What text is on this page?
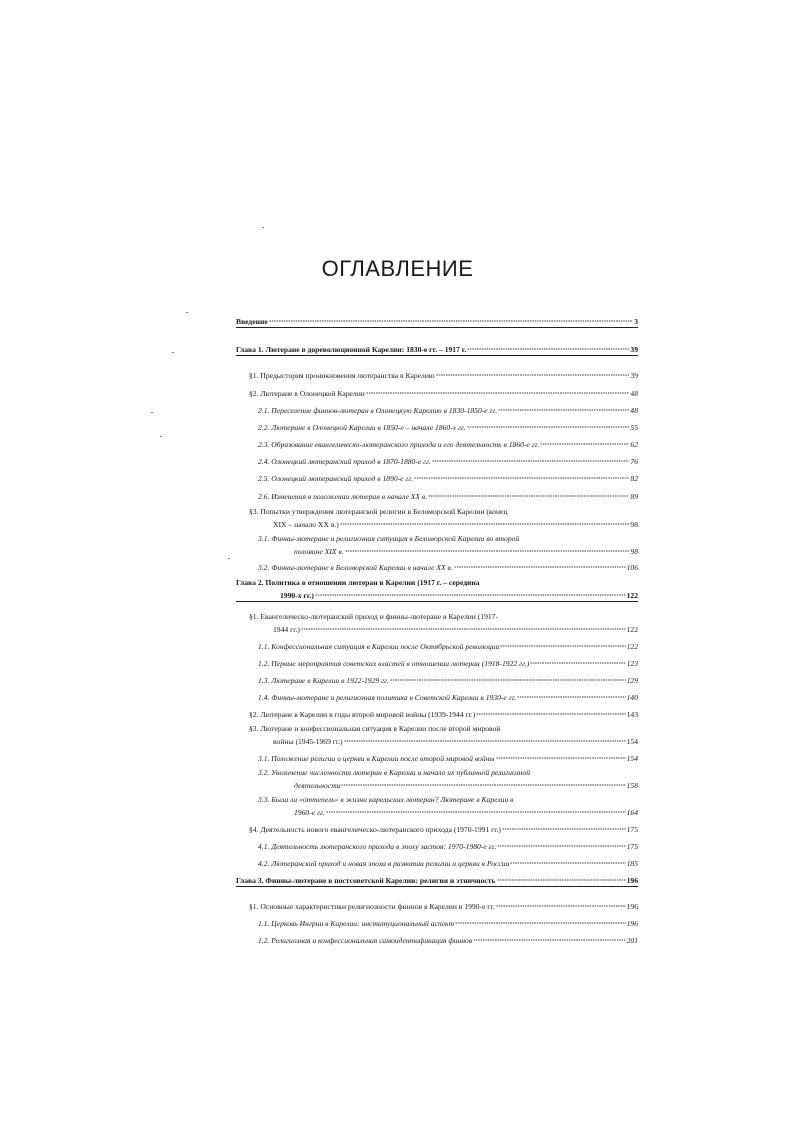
ОГЛАВЛЕНИЕ
Введение	3
Глава 1. Лютеране в дореволюционной Карелии: 1830-е гг. – 1917 г.	39
§1. Предыстория проникновения лютеранства в Карелию	39
§2. Лютеране в Олонецкой Карелии	48
2.1. Переселение финнов-лютеран в Олонецкую Карелию в 1830-1850-е гг.	48
2.2. Лютеране в Олонецкой Карелии в 1850-е – начале 1860-х гг.	55
2.3. Образование евангелическо-лютеранского прихода и его деятельность в 1860-е гг.	62
2.4. Олонецкий лютеранский приход в 1870-1880-е гг.	76
2.5. Олонецкий лютеранский приход в 1890-е гг.	82
2.6. Изменения в положении лютеран в начале XX в.	89
§3. Попытки утверждения лютеранской религии в Беломорской Карелии (конец
XIX – начало XX в.)	98
3.1. Финны-лютеране и религиозная ситуация в Беломорской Карелии во второй
половине XIX в.	98
3.2. Финны-лютеране в Беломорской Карелии в начале XX в.	106
Глава 2. Политика в отношении лютеран в Карелии (1917 г. – середина
1990-х гг.)	122
§1. Евангелическо-лютеранский приход и финны-лютеране в Карелии (1917-
1944 гг.)	122
1.1. Конфессиональная ситуация в Карелии после Октябрьской революции	122
1.2. Первые мероприятия советских властей в отношении лютеран (1918-1922 гг.)	123
1.3. Лютеране в Карелии в 1922-1929 гг.	129
1.4. Финны-лютеране и религиозная политика в Советской Карелии в 1930-е гг.	140
§2. Лютеране в Карелии в годы второй мировой войны (1939-1944 гг.)	143
§3. Лютеране и конфессиональная ситуация в Карелии после второй мировой
войны (1945-1969 гг.)	154
3.1. Положение религии и церкви в Карелии после второй мировой войны	154
3.2. Увеличение численности лютеран в Карелии и начало их публичной религиозной
деятельности	158
3.3. Была ли «оттепель» в жизни карельских лютеран? Лютеране в Карелии в
1960-е гг.	164
§4. Деятельность нового евангелическо-лютеранского прихода (1970-1991 гг.)	175
4.1. Деятельность лютеранского прихода в эпоху застоя: 1970-1980-е гг.	175
4.2. Лютеранский приход и новая эпоха в развитии религии и церкви в России	185
Глава 3. Финны-лютеране в постсоветской Карелии: религия и этничность	196
§1. Основные характеристики религиозности финнов в Карелии в 1990-е гг.	196
1.1. Церковь Ингрии в Карелии: институциональный аспект	196
1.2. Религиозная и конфессиональная самоидентификация финнов	201
